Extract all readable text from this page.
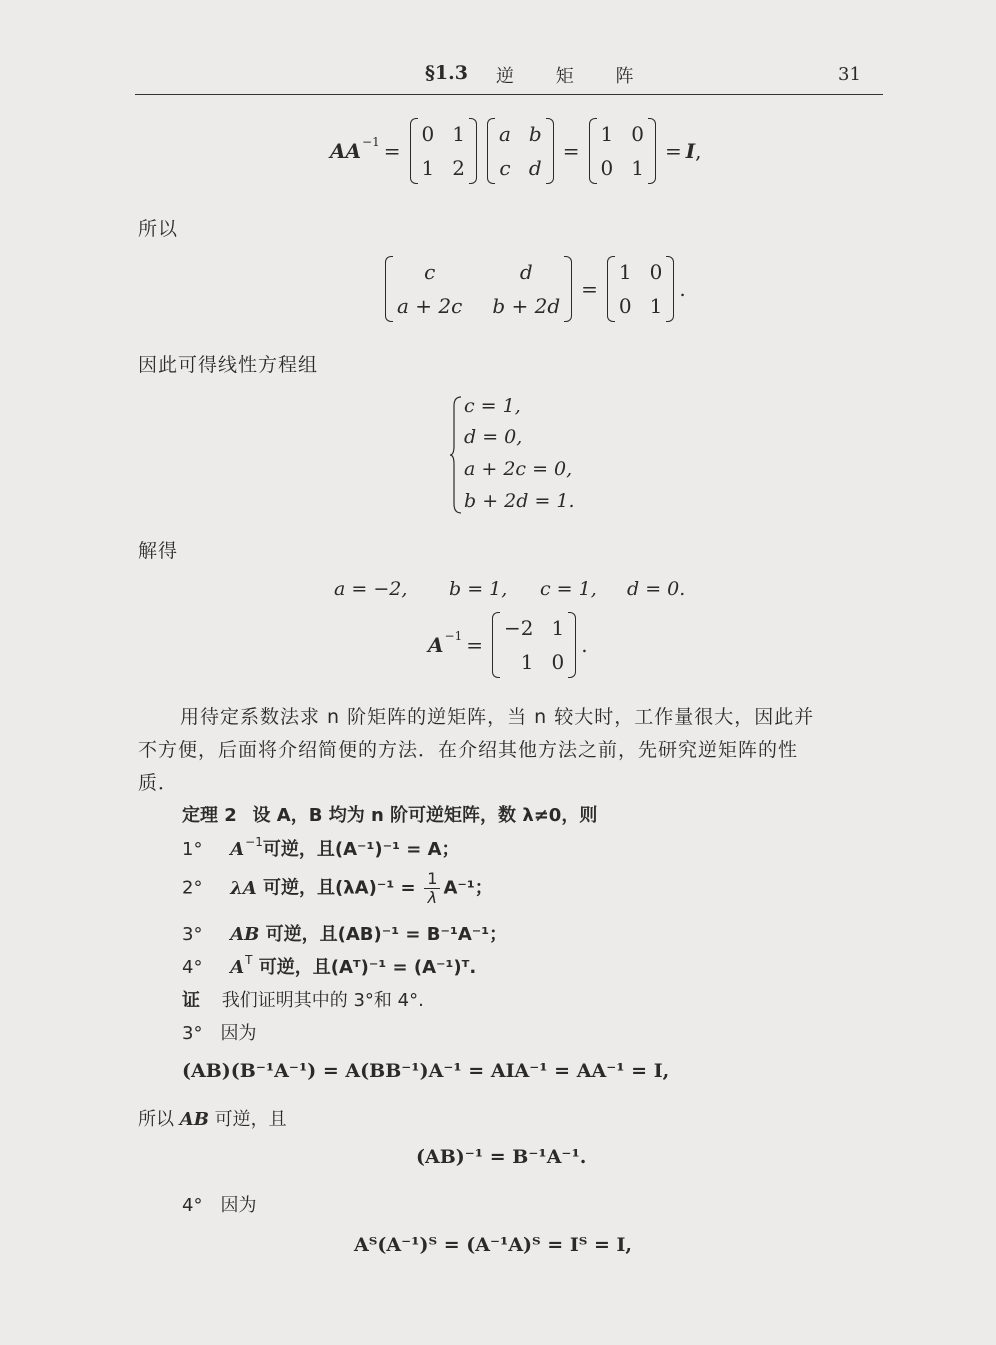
§1.3 逆 矩 阵	31
AA −1 =
0 1
1 2
a b
c d
=
1 0
0 1
= I ,
所以
c	d
a + 2c b + 2d
=
1 0
0 1
.
因此可得线性方程组
c = 1,
d = 0,
a + 2c = 0,
b + 2d = 1.
解得
a = −2, b = 1, c = 1, d = 0.
A −1 =
−2 1
1 0
.
用待定系数法求 n 阶矩阵的逆矩阵，当 n 较大时，工作量很大，因此并
不方便，后面将介绍简便的方法．在介绍其他方法之前，先研究逆矩阵的性
质．
定理 2 设 A，B 均为 n 阶可逆矩阵，数 λ≠0，则
1° $A^{-1}$可逆，且(A⁻¹)⁻¹ = A；
2° λA 可逆，且$(\lambda A)^{-1} = \frac{1}{\lambda} A^{-1}$；
3° AB 可逆，且(AB)⁻¹ = B⁻¹A⁻¹；
4° $A^T$ 可逆，且(Aᵀ)⁻¹ = (A⁻¹)ᵀ.
证 我们证明其中的 3°和 4°.
3°　因为
(AB)(B⁻¹A⁻¹) = A(BB⁻¹)A⁻¹ = AIA⁻¹ = AA⁻¹ = I,
所以 AB 可逆，且
(AB)⁻¹ = B⁻¹A⁻¹.
4°　因为
Aᵀ(A⁻¹)ᵀ = (A⁻¹A)ᵀ = Iᵀ = I,
